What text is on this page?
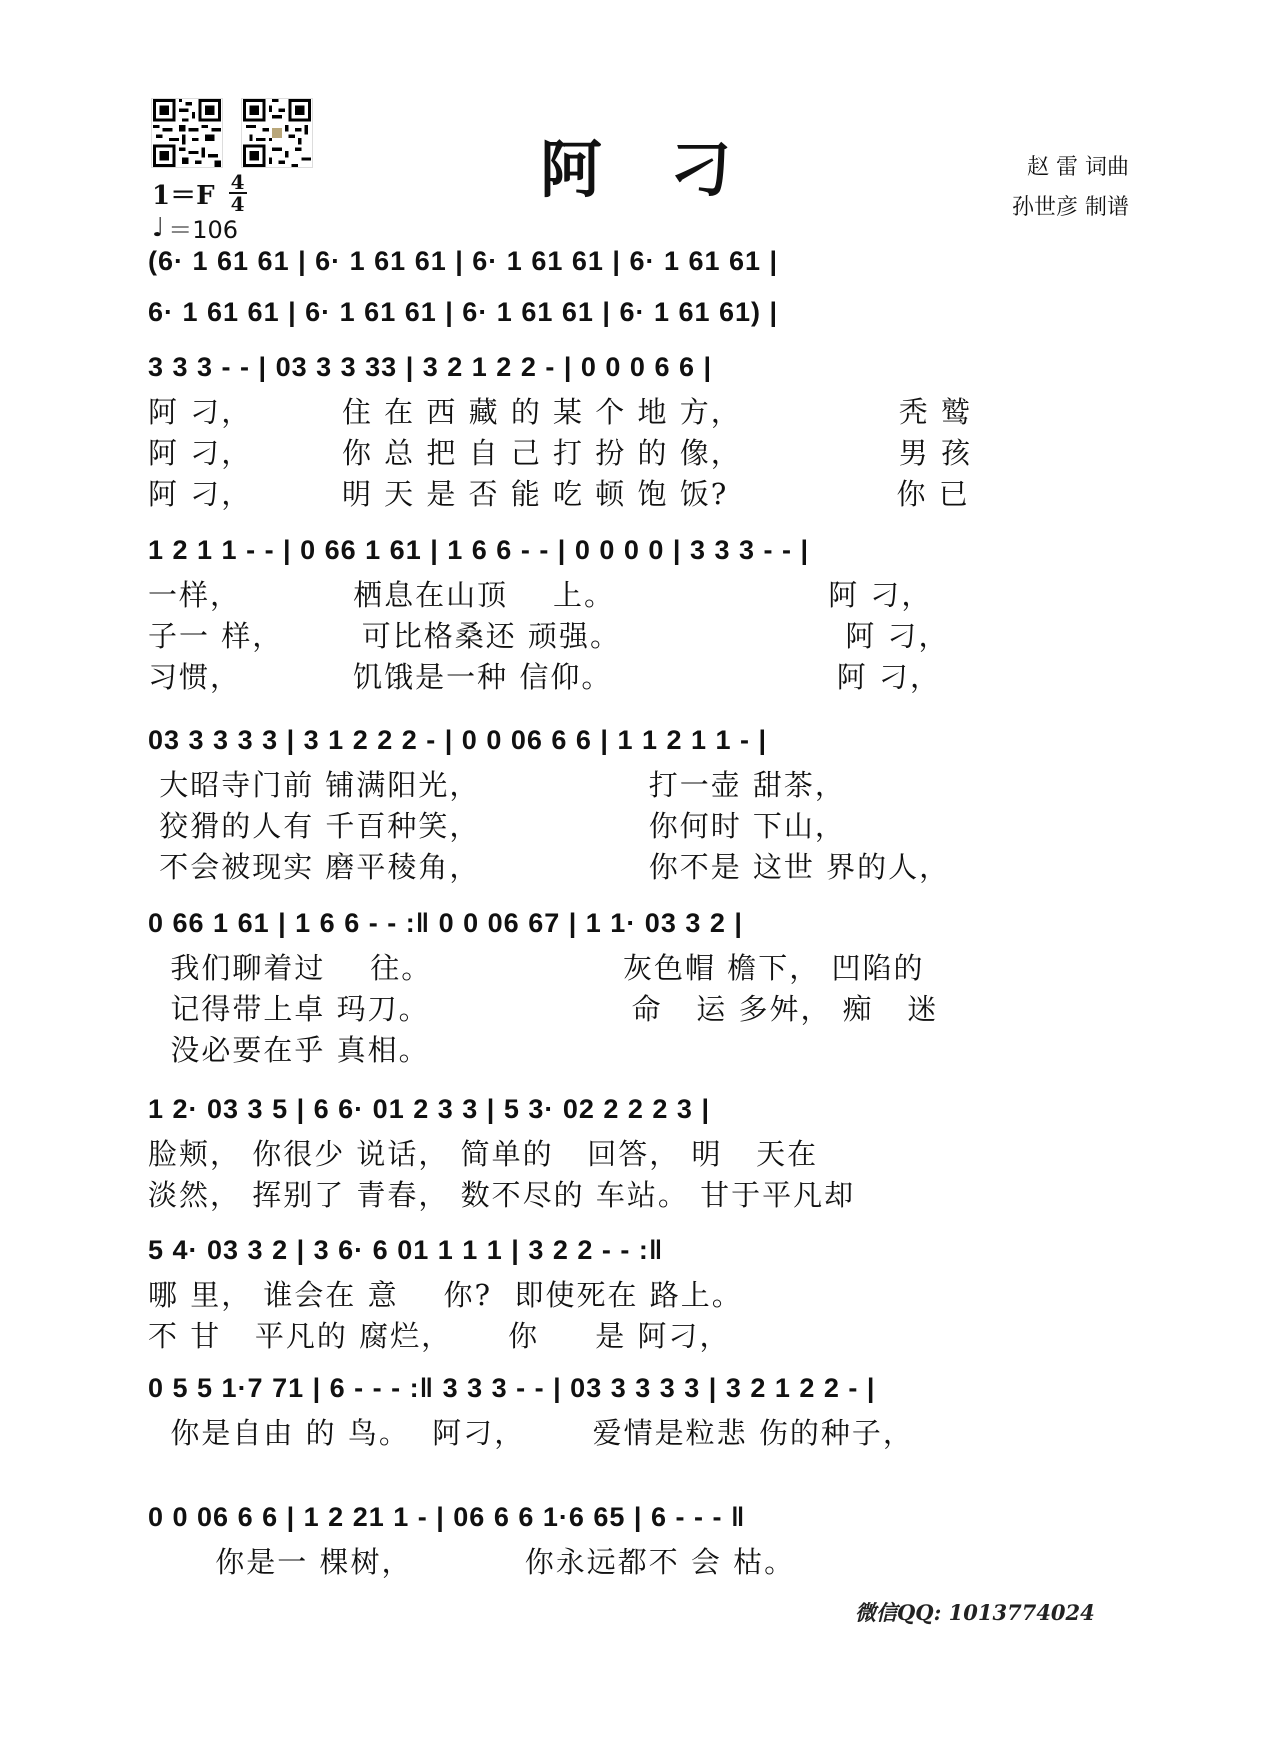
阿刁	赵 雷 词曲
孙世彦 制谱
$1=F \frac{4}{4}$
♩ ＝106
(6· 1 61 61 | 6· 1 61 61 | 6· 1 61 61 | 6· 1 61 61 |
6· 1 61 61 | 6· 1 61 61 | 6· 1 61 61 | 6· 1 61 61) |
3 3 3 - - | 03 3 3 33 | 3 2 1 2 2 - | 0 0 0 6 6 |
阿 刁，        住 在 西 藏 的 某 个 地 方，              秃 鹫
阿 刁，        你 总 把 自 己 打 扮 的 像，              男 孩
阿 刁，        明 天 是 否 能 吃 顿 饱 饭?               你 已
1 2 1 1 - - | 0 66 1 61 | 1 6 6 - - | 0 0 0 0 | 3 3 3 - - |
一样，          栖息在山顶    上。                   阿 刁，
子一 样，       可比格桑还 顽强。                    阿 刁，
习惯，          饥饿是一种 信仰。                    阿 刁，
03 3 3 3 3 | 3 1 2 2 2 - | 0 0 06 6 6 | 1 1 2 1 1 - |
大昭寺门前 铺满阳光，               打一壶 甜茶，
狡猾的人有 千百种笑，               你何时 下山，
不会被现实 磨平稜角，               你不是 这世 界的人，
0 66 1 61 | 1 6 6 - - :‖ 0 0 06 67 | 1 1· 03 3 2 |
我们聊着过    往。                 灰色帽 檐下， 凹陷的
记得带上卓 玛刀。                  命   运 多舛， 痴   迷
没必要在乎 真相。
1 2· 03 3 5 | 6 6· 01 2 3 3 | 5 3· 02 2 2 2 3 |
脸颊， 你很少 说话， 简单的   回答， 明   天在
淡然， 挥别了 青春， 数不尽的 车站。 甘于平凡却
5 4· 03 3 2 | 3 6· 6 01 1 1 1 | 3 2 2 - - :‖
哪 里， 谁会在 意    你?  即使死在 路上。
不 甘   平凡的 腐烂，     你     是 阿刁，
0 5 5 1·7 71 | 6 - - - :‖ 3 3 3 - - | 03 3 3 3 3 | 3 2 1 2 2 - |
你是自由 的 鸟。  阿刁，      爱情是粒悲 伤的种子，
0 0 06 6 6 | 1 2 21 1 - | 06 6 6 1·6 65 | 6 - - - ‖
你是一 棵树，          你永远都不 会 枯。
微信QQ: 1013774024
